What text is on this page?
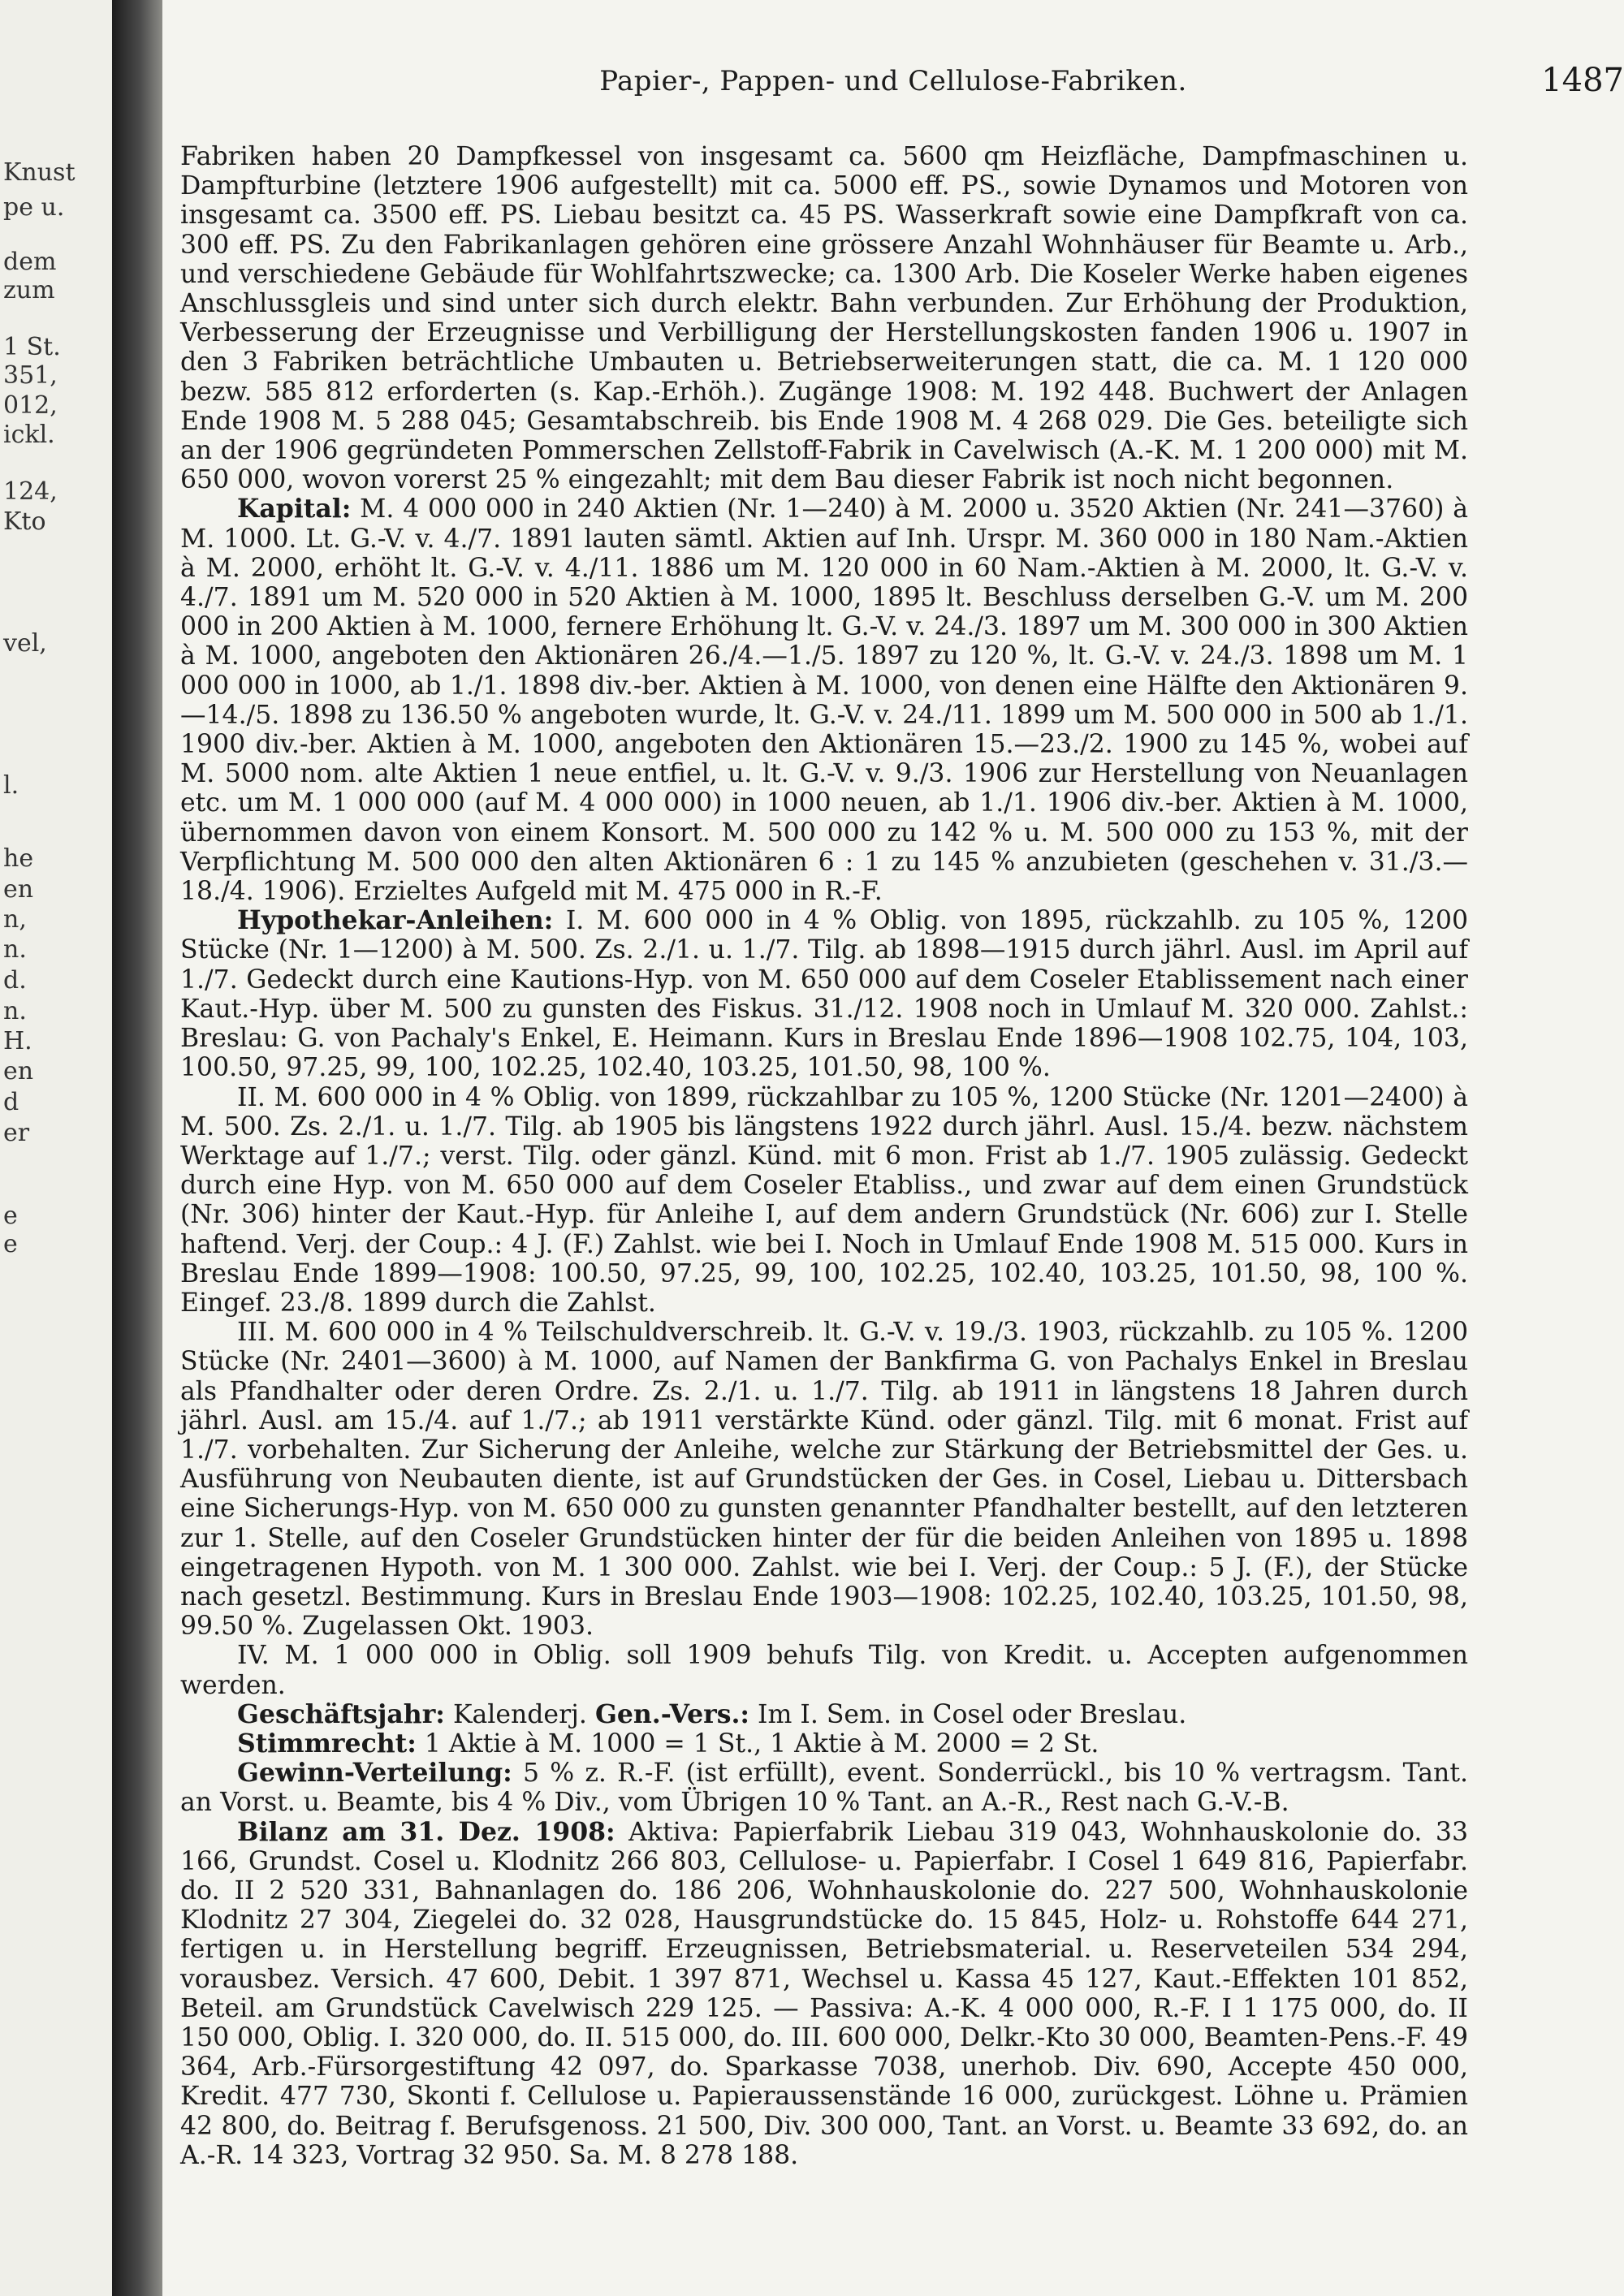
Knust
pe u.
dem
zum
1 St.
351,
012,
ickl.
124,
Kto
vel,
l.
he
en
n,
n.
d.
n.
H.
en
d
er
e
e
Papier-, Pappen- und Cellulose-Fabriken.	1487

Fabriken haben 20 Dampfkessel von insgesamt ca. 5600 qm Heizfläche, Dampfmaschinen u. Dampfturbine (letztere 1906 aufgestellt) mit ca. 5000 eff. PS., sowie Dynamos und Motoren von insgesamt ca. 3500 eff. PS. Liebau besitzt ca. 45 PS. Wasserkraft sowie eine Dampfkraft von ca. 300 eff. PS. Zu den Fabrikanlagen gehören eine grössere Anzahl Wohnhäuser für Beamte u. Arb., und verschiedene Gebäude für Wohlfahrtszwecke; ca. 1300 Arb. Die Koseler Werke haben eigenes Anschlussgleis und sind unter sich durch elektr. Bahn verbunden. Zur Erhöhung der Produktion, Verbesserung der Erzeugnisse und Verbilligung der Herstellungskosten fanden 1906 u. 1907 in den 3 Fabriken beträchtliche Umbauten u. Betriebserweiterungen statt, die ca. M. 1 120 000 bezw. 585 812 erforderten (s. Kap.-Erhöh.). Zugänge 1908: M. 192 448. Buchwert der Anlagen Ende 1908 M. 5 288 045; Gesamtabschreib. bis Ende 1908 M. 4 268 029. Die Ges. beteiligte sich an der 1906 gegründeten Pommerschen Zellstoff-Fabrik in Cavelwisch (A.-K. M. 1 200 000) mit M. 650 000, wovon vorerst 25 % eingezahlt; mit dem Bau dieser Fabrik ist noch nicht begonnen.

Kapital: M. 4 000 000 in 240 Aktien (Nr. 1—240) à M. 2000 u. 3520 Aktien (Nr. 241—3760) à M. 1000. Lt. G.-V. v. 4./7. 1891 lauten sämtl. Aktien auf Inh. Urspr. M. 360 000 in 180 Nam.-Aktien à M. 2000, erhöht lt. G.-V. v. 4./11. 1886 um M. 120 000 in 60 Nam.-Aktien à M. 2000, lt. G.-V. v. 4./7. 1891 um M. 520 000 in 520 Aktien à M. 1000, 1895 lt. Beschluss derselben G.-V. um M. 200 000 in 200 Aktien à M. 1000, fernere Erhöhung lt. G.-V. v. 24./3. 1897 um M. 300 000 in 300 Aktien à M. 1000, angeboten den Aktionären 26./4.—1./5. 1897 zu 120 %, lt. G.-V. v. 24./3. 1898 um M. 1 000 000 in 1000, ab 1./1. 1898 div.-ber. Aktien à M. 1000, von denen eine Hälfte den Aktionären 9.—14./5. 1898 zu 136.50 % angeboten wurde, lt. G.-V. v. 24./11. 1899 um M. 500 000 in 500 ab 1./1. 1900 div.-ber. Aktien à M. 1000, angeboten den Aktionären 15.—23./2. 1900 zu 145 %, wobei auf M. 5000 nom. alte Aktien 1 neue entfiel, u. lt. G.-V. v. 9./3. 1906 zur Herstellung von Neuanlagen etc. um M. 1 000 000 (auf M. 4 000 000) in 1000 neuen, ab 1./1. 1906 div.-ber. Aktien à M. 1000, übernommen davon von einem Konsort. M. 500 000 zu 142 % u. M. 500 000 zu 153 %, mit der Verpflichtung M. 500 000 den alten Aktionären 6 : 1 zu 145 % anzubieten (geschehen v. 31./3.—18./4. 1906). Erzieltes Aufgeld mit M. 475 000 in R.-F.

Hypothekar-Anleihen: I. M. 600 000 in 4 % Oblig. von 1895, rückzahlb. zu 105 %, 1200 Stücke (Nr. 1—1200) à M. 500. Zs. 2./1. u. 1./7. Tilg. ab 1898—1915 durch jährl. Ausl. im April auf 1./7. Gedeckt durch eine Kautions-Hyp. von M. 650 000 auf dem Coseler Etablissement nach einer Kaut.-Hyp. über M. 500 zu gunsten des Fiskus. 31./12. 1908 noch in Umlauf M. 320 000. Zahlst.: Breslau: G. von Pachaly's Enkel, E. Heimann. Kurs in Breslau Ende 1896—1908 102.75, 104, 103, 100.50, 97.25, 99, 100, 102.25, 102.40, 103.25, 101.50, 98, 100 %.

II. M. 600 000 in 4 % Oblig. von 1899, rückzahlbar zu 105 %, 1200 Stücke (Nr. 1201—2400) à M. 500. Zs. 2./1. u. 1./7. Tilg. ab 1905 bis längstens 1922 durch jährl. Ausl. 15./4. bezw. nächstem Werktage auf 1./7.; verst. Tilg. oder gänzl. Künd. mit 6 mon. Frist ab 1./7. 1905 zulässig. Gedeckt durch eine Hyp. von M. 650 000 auf dem Coseler Etabliss., und zwar auf dem einen Grundstück (Nr. 306) hinter der Kaut.-Hyp. für Anleihe I, auf dem andern Grundstück (Nr. 606) zur I. Stelle haftend. Verj. der Coup.: 4 J. (F.) Zahlst. wie bei I. Noch in Umlauf Ende 1908 M. 515 000. Kurs in Breslau Ende 1899—1908: 100.50, 97.25, 99, 100, 102.25, 102.40, 103.25, 101.50, 98, 100 %. Eingef. 23./8. 1899 durch die Zahlst.

III. M. 600 000 in 4 % Teilschuldverschreib. lt. G.-V. v. 19./3. 1903, rückzahlb. zu 105 %. 1200 Stücke (Nr. 2401—3600) à M. 1000, auf Namen der Bankfirma G. von Pachalys Enkel in Breslau als Pfandhalter oder deren Ordre. Zs. 2./1. u. 1./7. Tilg. ab 1911 in längstens 18 Jahren durch jährl. Ausl. am 15./4. auf 1./7.; ab 1911 verstärkte Künd. oder gänzl. Tilg. mit 6 monat. Frist auf 1./7. vorbehalten. Zur Sicherung der Anleihe, welche zur Stärkung der Betriebsmittel der Ges. u. Ausführung von Neubauten diente, ist auf Grundstücken der Ges. in Cosel, Liebau u. Dittersbach eine Sicherungs-Hyp. von M. 650 000 zu gunsten genannter Pfandhalter bestellt, auf den letzteren zur 1. Stelle, auf den Coseler Grundstücken hinter der für die beiden Anleihen von 1895 u. 1898 eingetragenen Hypoth. von M. 1 300 000. Zahlst. wie bei I. Verj. der Coup.: 5 J. (F.), der Stücke nach gesetzl. Bestimmung. Kurs in Breslau Ende 1903—1908: 102.25, 102.40, 103.25, 101.50, 98, 99.50 %. Zugelassen Okt. 1903.

IV. M. 1 000 000 in Oblig. soll 1909 behufs Tilg. von Kredit. u. Accepten aufgenommen werden.

Geschäftsjahr: Kalenderj. Gen.-Vers.: Im I. Sem. in Cosel oder Breslau.

Stimmrecht: 1 Aktie à M. 1000 = 1 St., 1 Aktie à M. 2000 = 2 St.

Gewinn-Verteilung: 5 % z. R.-F. (ist erfüllt), event. Sonderrückl., bis 10 % vertragsm. Tant. an Vorst. u. Beamte, bis 4 % Div., vom Übrigen 10 % Tant. an A.-R., Rest nach G.-V.-B.

Bilanz am 31. Dez. 1908: Aktiva: Papierfabrik Liebau 319 043, Wohnhauskolonie do. 33 166, Grundst. Cosel u. Klodnitz 266 803, Cellulose- u. Papierfabr. I Cosel 1 649 816, Papierfabr. do. II 2 520 331, Bahnanlagen do. 186 206, Wohnhauskolonie do. 227 500, Wohnhauskolonie Klodnitz 27 304, Ziegelei do. 32 028, Hausgrundstücke do. 15 845, Holz- u. Rohstoffe 644 271, fertigen u. in Herstellung begriff. Erzeugnissen, Betriebsmaterial. u. Reserveteilen 534 294, vorausbez. Versich. 47 600, Debit. 1 397 871, Wechsel u. Kassa 45 127, Kaut.-Effekten 101 852, Beteil. am Grundstück Cavelwisch 229 125. — Passiva: A.-K. 4 000 000, R.-F. I 1 175 000, do. II 150 000, Oblig. I. 320 000, do. II. 515 000, do. III. 600 000, Delkr.-Kto 30 000, Beamten-Pens.-F. 49 364, Arb.-Fürsorgestiftung 42 097, do. Sparkasse 7038, unerhob. Div. 690, Accepte 450 000, Kredit. 477 730, Skonti f. Cellulose u. Papieraussenstände 16 000, zurückgest. Löhne u. Prämien 42 800, do. Beitrag f. Berufsgenoss. 21 500, Div. 300 000, Tant. an Vorst. u. Beamte 33 692, do. an A.-R. 14 323, Vortrag 32 950. Sa. M. 8 278 188.
